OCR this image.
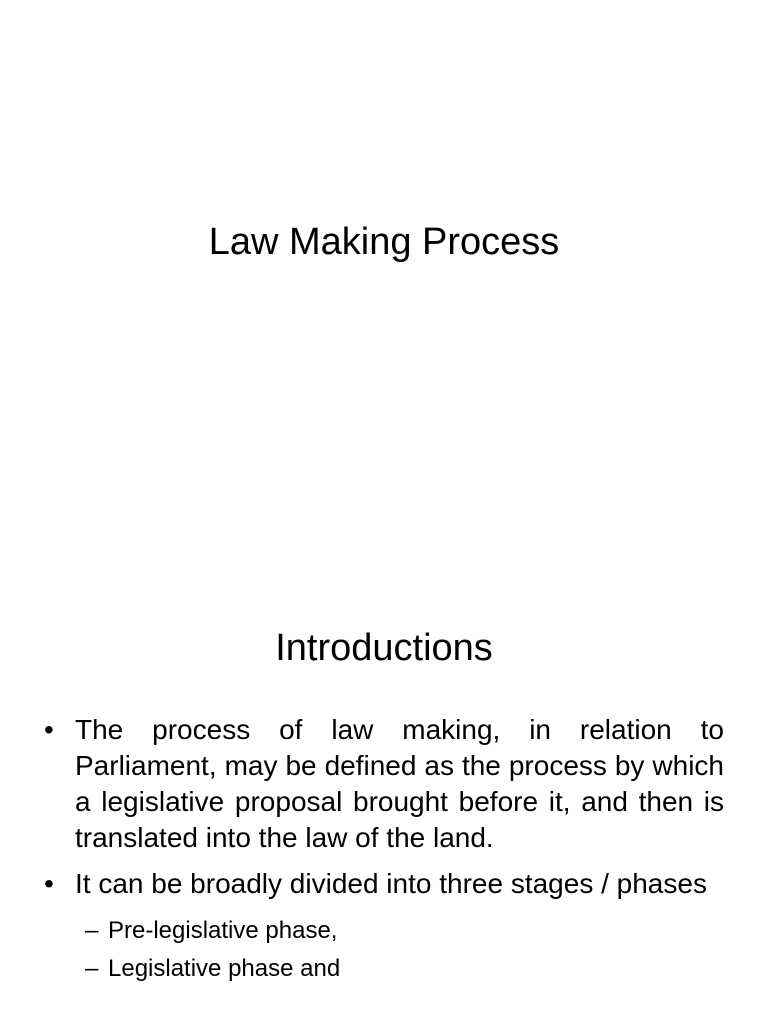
Law Making Process
Introductions
• The process of law making, in relation to Parliament, may be defined as the process by which a legislative proposal brought before it, and then is translated into the law of the land.
• It can be broadly divided into three stages / phases
– Pre-legislative phase,
– Legislative phase and
